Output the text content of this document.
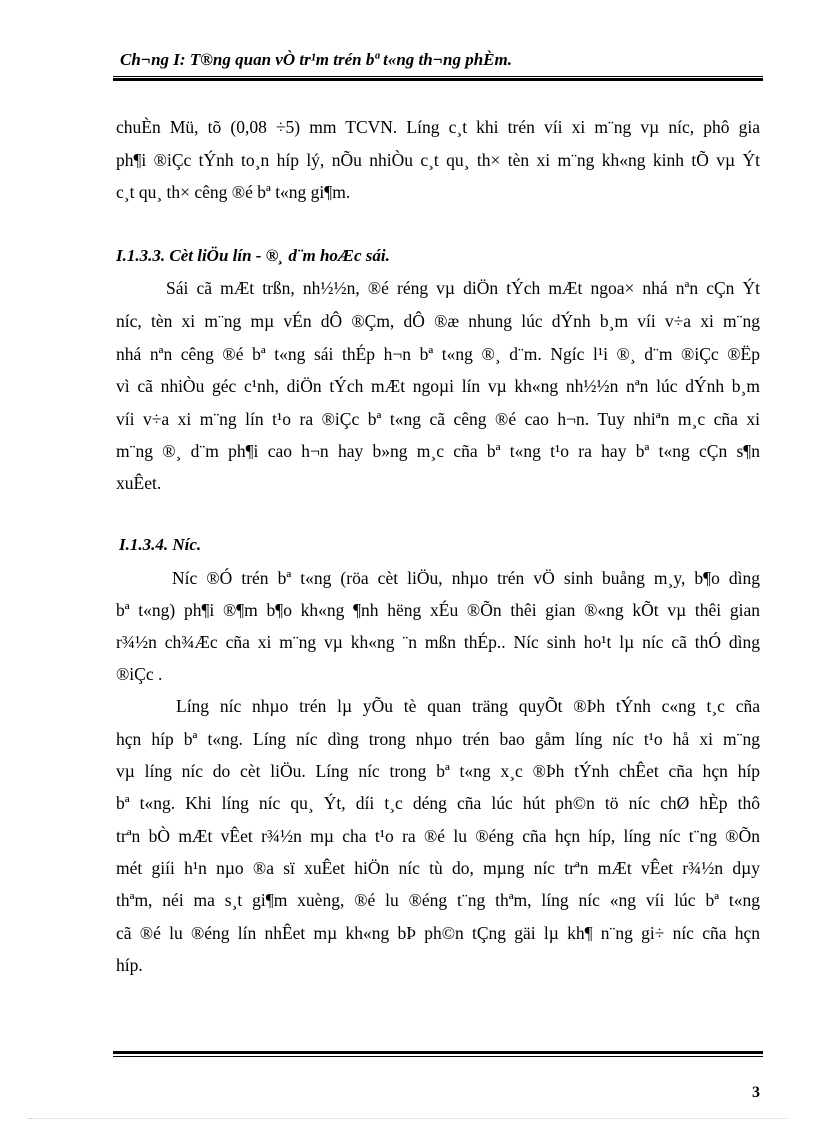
Ch¬ng I: T®ng quan vÒ tr¹m trén bª t«ng th¬ng phÈm.
chuÈn Mü, tõ (0,08 ÷5) mm TCVN. Líng c¸t khi trén víi xi m¨ng vµ níc, phô gia
ph¶i ®iÇc tÝnh to¸n híp lý, nÕu nhiÒu c¸t qu¸ th× tèn xi m¨ng kh«ng kinh tÕ vµ Ýt
c¸t qu¸ th× cêng ®é bª t«ng gi¶m.
I.1.3.3. Cèt liÖu lín - ®¸ d¨m hoÆc sái.
Sái cã mÆt trßn, nh½½n, ®é réng vµ diÖn tÝch mÆt ngoa× nhá nªn cÇn Ýt
níc, tèn xi m¨ng mµ vÉn dÔ ®Çm, dÔ ®æ nhung lúc dÝnh b¸m víi v÷a xi m¨ng
nhá nªn cêng ®é bª t«ng sái thÉp h¬n bª t«ng ®¸ d¨m. Ngíc l¹i ®¸ d¨m ®iÇc ®Ëp
vì cã nhiÒu géc c¹nh, diÖn tÝch mÆt ngoµi lín vµ kh«ng nh½½n nªn lúc dÝnh b¸m
víi v÷a xi m¨ng lín t¹o ra ®iÇc bª t«ng cã cêng ®é cao h¬n. Tuy nhiªn m¸c cña xi
m¨ng ®¸ d¨m ph¶i cao h¬n hay b»ng m¸c cña bª t«ng t¹o ra hay bª t«ng cÇn s¶n
xuÊet.
I.1.3.4. Níc.
Níc ®Ó trén bª t«ng (röa cèt liÖu, nhµo trén vÖ sinh buång m¸y, b¶o dìng
bª t«ng) ph¶i ®¶m b¶o kh«ng ¶nh hëng xÉu ®Õn thêi gian ®«ng kÕt vµ thêi gian
r¾½n ch¾Æc cña xi m¨ng vµ kh«ng ¨n mßn thÉp.. Níc sinh ho¹t lµ níc cã thÓ dìng
®iÇc .
Líng níc nhµo trén lµ yÕu tè quan träng quyÕt ®Þh tÝnh c«ng t¸c cña
hçn híp bª t«ng. Líng níc dìng trong nhµo trén bao gåm líng níc t¹o hå xi m¨ng
vµ líng níc do cèt liÖu. Líng níc trong bª t«ng x¸c ®Þh tÝnh chÊet cña hçn híp
bª t«ng. Khi líng níc qu¸ Ýt, díi t¸c déng cña lúc hút ph©n tö níc chØ hÈp thô
trªn bÒ mÆt vÊet r¾½n mµ cha t¹o ra ®é lu ®éng cña hçn híp, líng níc t¨ng ®Õn
mét giíi h¹n nµo ®a sï xuÊet hiÖn níc tù do, mµng níc trªn mÆt vÊet r¾½n dµy
thªm, néi ma s¸t gi¶m xuèng, ®é lu ®éng t¨ng thªm, líng níc «ng víi lúc bª t«ng
cã ®é lu ®éng lín nhÊet mµ kh«ng bÞ ph©n tÇng gäi lµ kh¶ n¨ng gi÷ níc cña hçn
híp.
3
